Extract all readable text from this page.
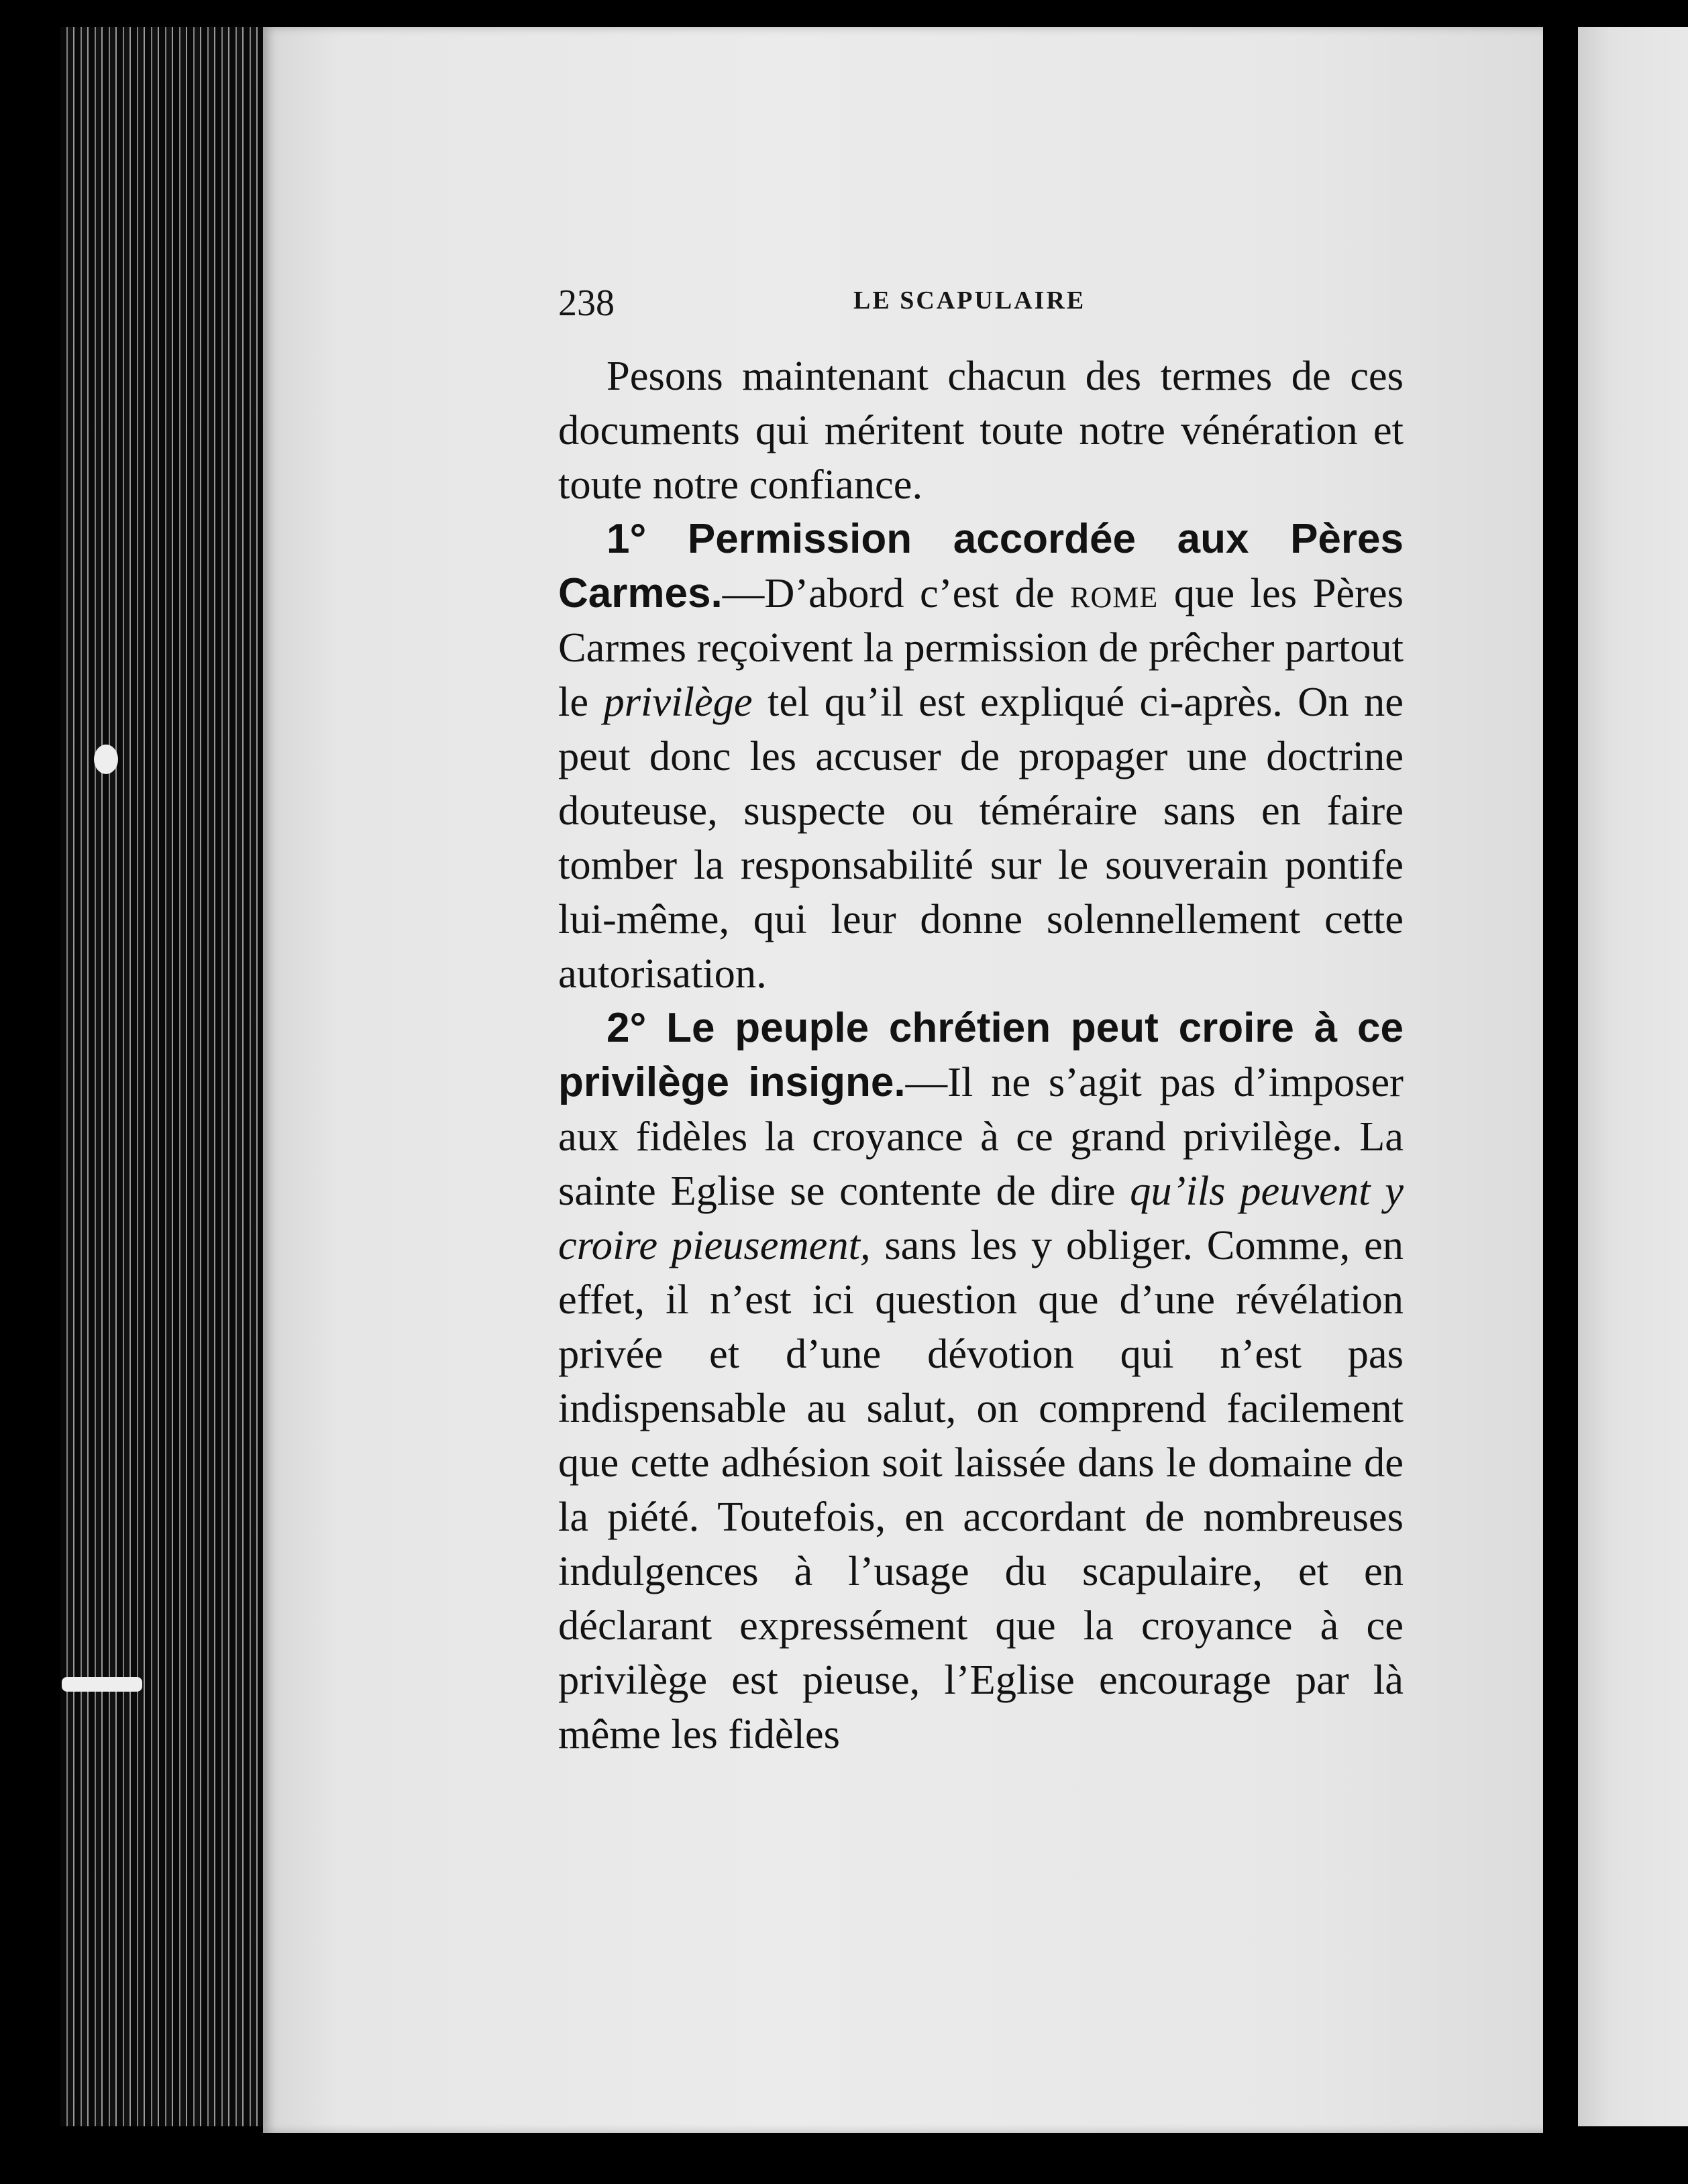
238	LE SCAPULAIRE

Pesons maintenant chacun des termes de ces documents qui méritent toute notre vénération et toute notre confiance.

1° Permission accordée aux Pères Carmes.—D’abord c’est de rome que les Pères Carmes reçoivent la permission de prêcher partout le privilège tel qu’il est expliqué ci-après. On ne peut donc les accuser de propager une doctrine douteuse, suspecte ou téméraire sans en faire tomber la responsabilité sur le souverain pontife lui-même, qui leur donne solennellement cette autorisation.

2° Le peuple chrétien peut croire à ce privilège insigne.—Il ne s’agit pas d’imposer aux fidèles la croyance à ce grand privilège. La sainte Eglise se contente de dire qu’ils peuvent y croire pieusement, sans les y obliger. Comme, en effet, il n’est ici question que d’une révélation privée et d’une dévotion qui n’est pas indispensable au salut, on comprend facilement que cette adhésion soit laissée dans le domaine de la piété. Toutefois, en accordant de nombreuses indulgences à l’usage du scapulaire, et en déclarant expressément que la croyance à ce privilège est pieuse, l’Eglise encourage par là même les fidèles
